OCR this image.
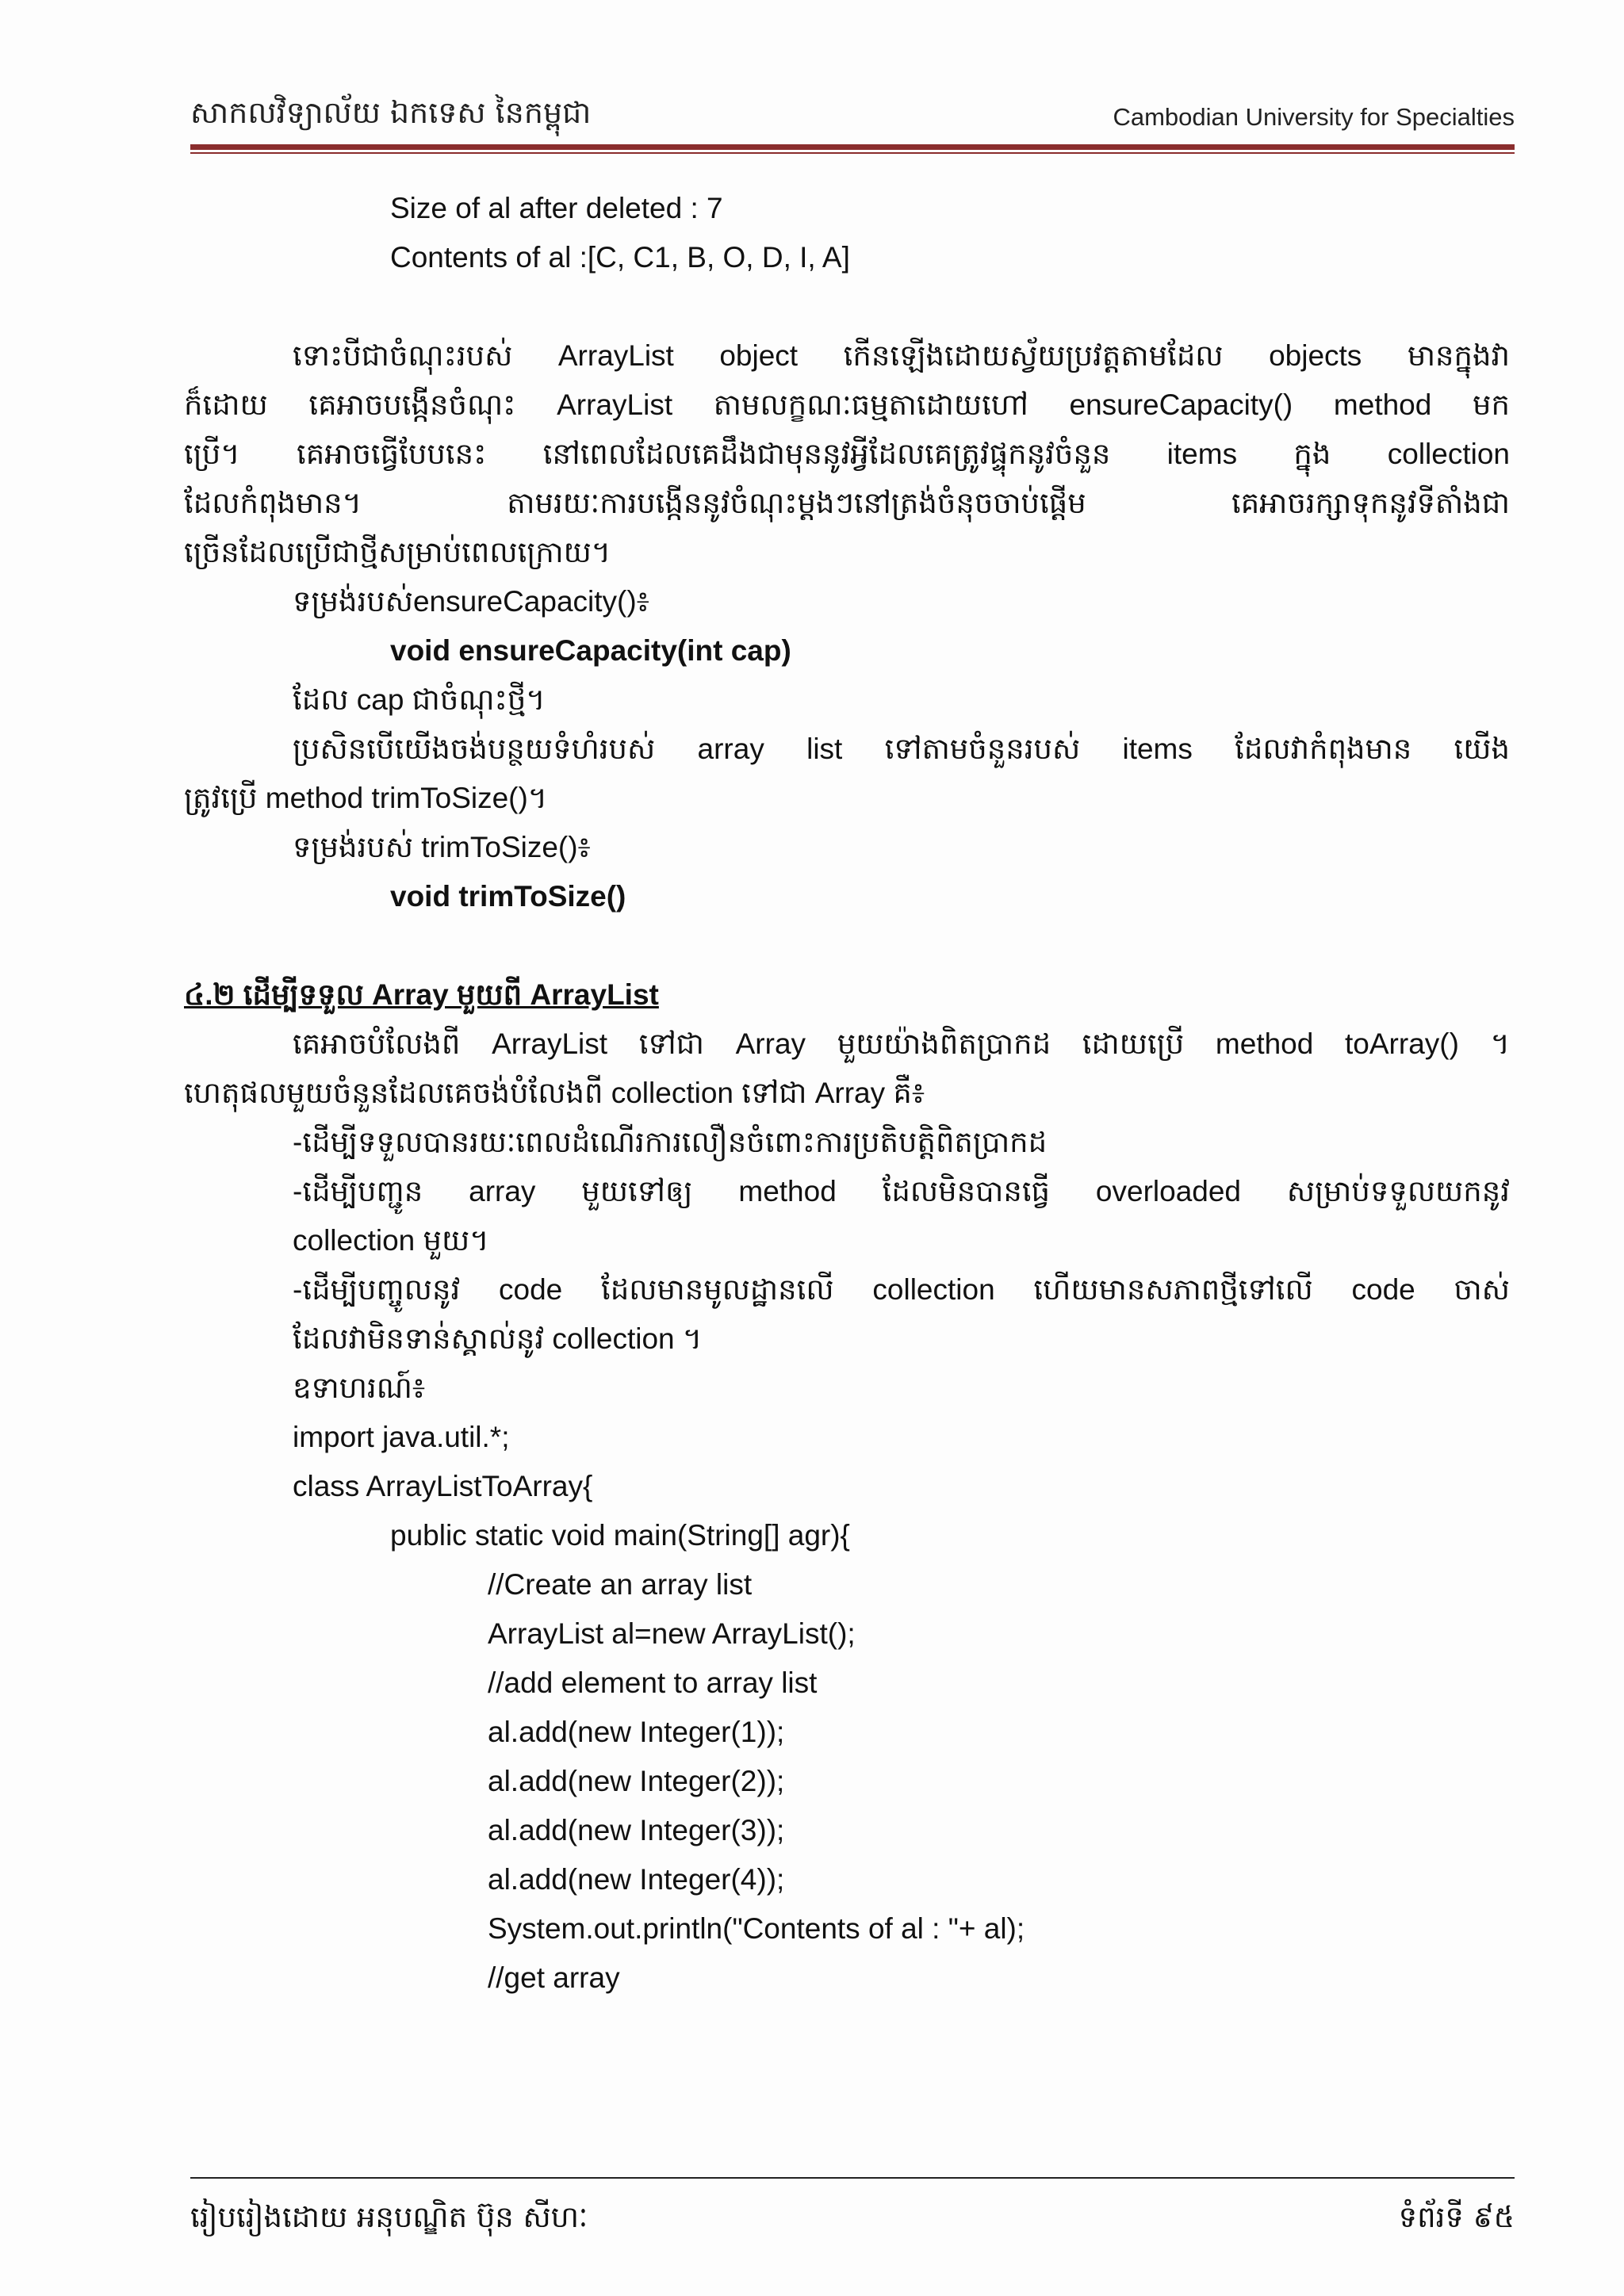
សាកលវិទ្យាល័យ ឯកទេស នៃកម្ពុជា	Cambodian University for Specialties
Size of al after deleted : 7
Contents of al :[C, C1, B, O, D, I, A]
ទោះបីជាចំណុះរបស់ ArrayList object កើនឡើងដោយស្វ័យប្រវត្តតាមដែល objects មានក្នុងវា
ក៏ដោយ គេអាចបង្កើនចំណុះ ArrayList តាមលក្ខណៈធម្មតាដោយហៅ ensureCapacity() method មក
ប្រើ។ គេអាចធ្វើបែបនេះ នៅពេលដែលគេដឹងជាមុននូវអ្វីដែលគេត្រូវផ្ទុកនូវចំនួន items ក្នុង collection
ដែលកំពុងមាន។ តាមរយៈការបង្កើននូវចំណុះម្តងៗនៅត្រង់ចំនុចចាប់ផ្តើម គេអាចរក្សាទុកនូវទីតាំងជា
ច្រើនដែលប្រើជាថ្មីសម្រាប់ពេលក្រោយ។
ទម្រង់របស់ensureCapacity()៖
void ensureCapacity(int cap)
ដែល cap ជាចំណុះថ្មី។
ប្រសិនបើយើងចង់បន្ថយទំហំរបស់ array list ទៅតាមចំនួនរបស់ items ដែលវាកំពុងមាន យើង
ត្រូវប្រើ method trimToSize()។
ទម្រង់របស់ trimToSize()៖
void trimToSize()
៤.២ ដើម្បីទទួល Array មួយពី ArrayList
គេអាចបំលែងពី ArrayList ទៅជា Array មួយយ៉ាងពិតប្រាកដ ដោយប្រើ method toArray() ។
ហេតុផលមួយចំនួនដែលគេចង់បំលែងពី collection ទៅជា Array គឺ៖
-ដើម្បីទទួលបានរយៈពេលដំណើរការលឿនចំពោះការប្រតិបត្តិពិតប្រាកដ
-ដើម្បីបញ្ជូន array មួយទៅឲ្យ method ដែលមិនបានធ្វើ overloaded សម្រាប់ទទួលយកនូវ
collection មួយ។
-ដើម្បីបញ្ចូលនូវ code ដែលមានមូលដ្ឋានលើ collection ហើយមានសភាពថ្មីទៅលើ code ចាស់
ដែលវាមិនទាន់ស្គាល់នូវ collection ។
ឧទាហរណ៍៖
import java.util.*;
class ArrayListToArray{
public static void main(String[] agr){
//Create an array list
ArrayList al=new ArrayList();
//add element to array list
al.add(new Integer(1));
al.add(new Integer(2));
al.add(new Integer(3));
al.add(new Integer(4));
System.out.println("Contents of al : "+ al);
//get array
រៀបរៀងដោយ អនុបណ្ឌិត ប៊ុន សីហៈ	ទំព័រទី ៩៥
